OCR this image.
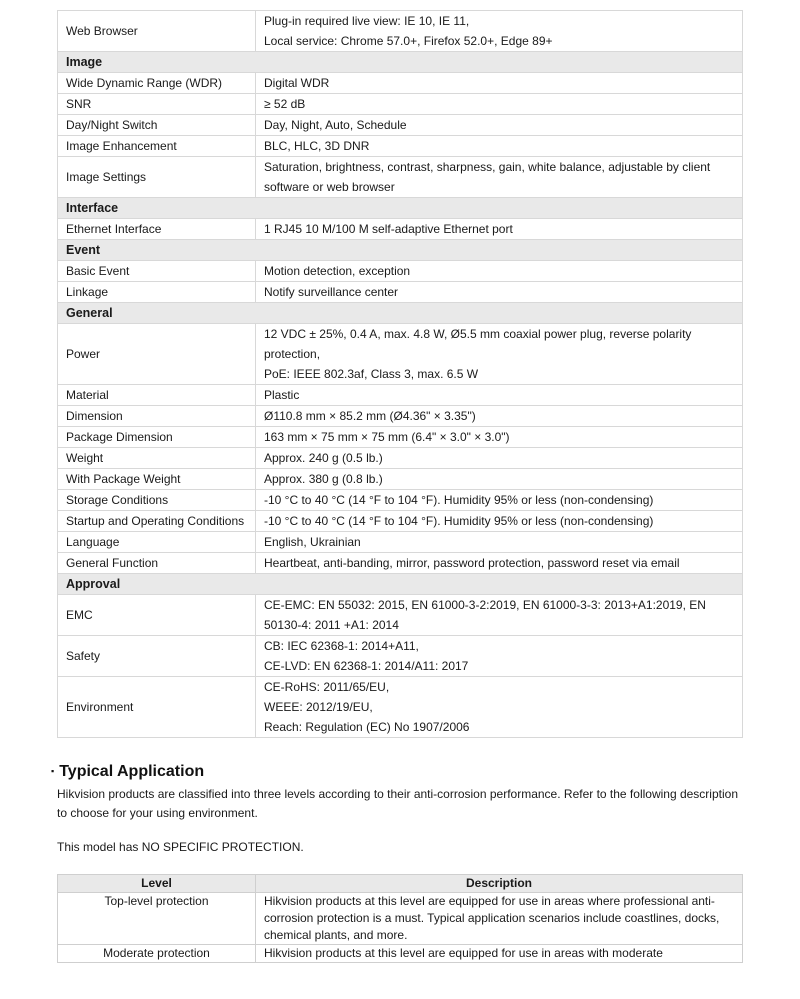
Web Browser	Plug-in required live view: IE 10, IE 11,
Local service: Chrome 57.0+, Firefox 52.0+, Edge 89+

Image	
Wide Dynamic Range (WDR)	Digital WDR

SNR	≥ 52 dB

Day/Night Switch	Day, Night, Auto, Schedule

Image Enhancement	BLC, HLC, 3D DNR

Image Settings	Saturation, brightness, contrast, sharpness, gain, white balance, adjustable by client software or web browser

Interface	
Ethernet Interface	1 RJ45 10 M/100 M self-adaptive Ethernet port

Event	
Basic Event	Motion detection, exception

Linkage	Notify surveillance center

General	
Power	12 VDC ± 25%, 0.4 A, max. 4.8 W, Ø5.5 mm coaxial power plug, reverse polarity protection,
PoE: IEEE 802.3af, Class 3, max. 6.5 W

Material	Plastic

Dimension	Ø110.8 mm × 85.2 mm (Ø4.36" × 3.35")

Package Dimension	163 mm × 75 mm × 75 mm (6.4" × 3.0" × 3.0")

Weight	Approx. 240 g (0.5 lb.)

With Package Weight	Approx. 380 g (0.8 lb.)

Storage Conditions	-10 °C to 40 °C (14 °F to 104 °F). Humidity 95% or less (non-condensing)

Startup and Operating Conditions	-10 °C to 40 °C (14 °F to 104 °F). Humidity 95% or less (non-condensing)

Language	English, Ukrainian

General Function	Heartbeat, anti-banding, mirror, password protection, password reset via email

Approval	
EMC	CE-EMC: EN 55032: 2015, EN 61000-3-2:2019, EN 61000-3-3: 2013+A1:2019, EN 50130-4: 2011 +A1: 2014

Safety	CB: IEC 62368-1: 2014+A11,
CE-LVD: EN 62368-1: 2014/A11: 2017

Environment	CE-RoHS: 2011/65/EU,
WEEE: 2012/19/EU,
Reach: Regulation (EC) No 1907/2006
▪ Typical Application

Hikvision products are classified into three levels according to their anti-corrosion performance. Refer to the following description to choose for your using environment.

This model has NO SPECIFIC PROTECTION.

Level	Description
Top-level protection	Hikvision products at this level are equipped for use in areas where professional anti-corrosion protection is a must. Typical application scenarios include coastlines, docks, chemical plants, and more.
Moderate protection	Hikvision products at this level are equipped for use in areas with moderate
